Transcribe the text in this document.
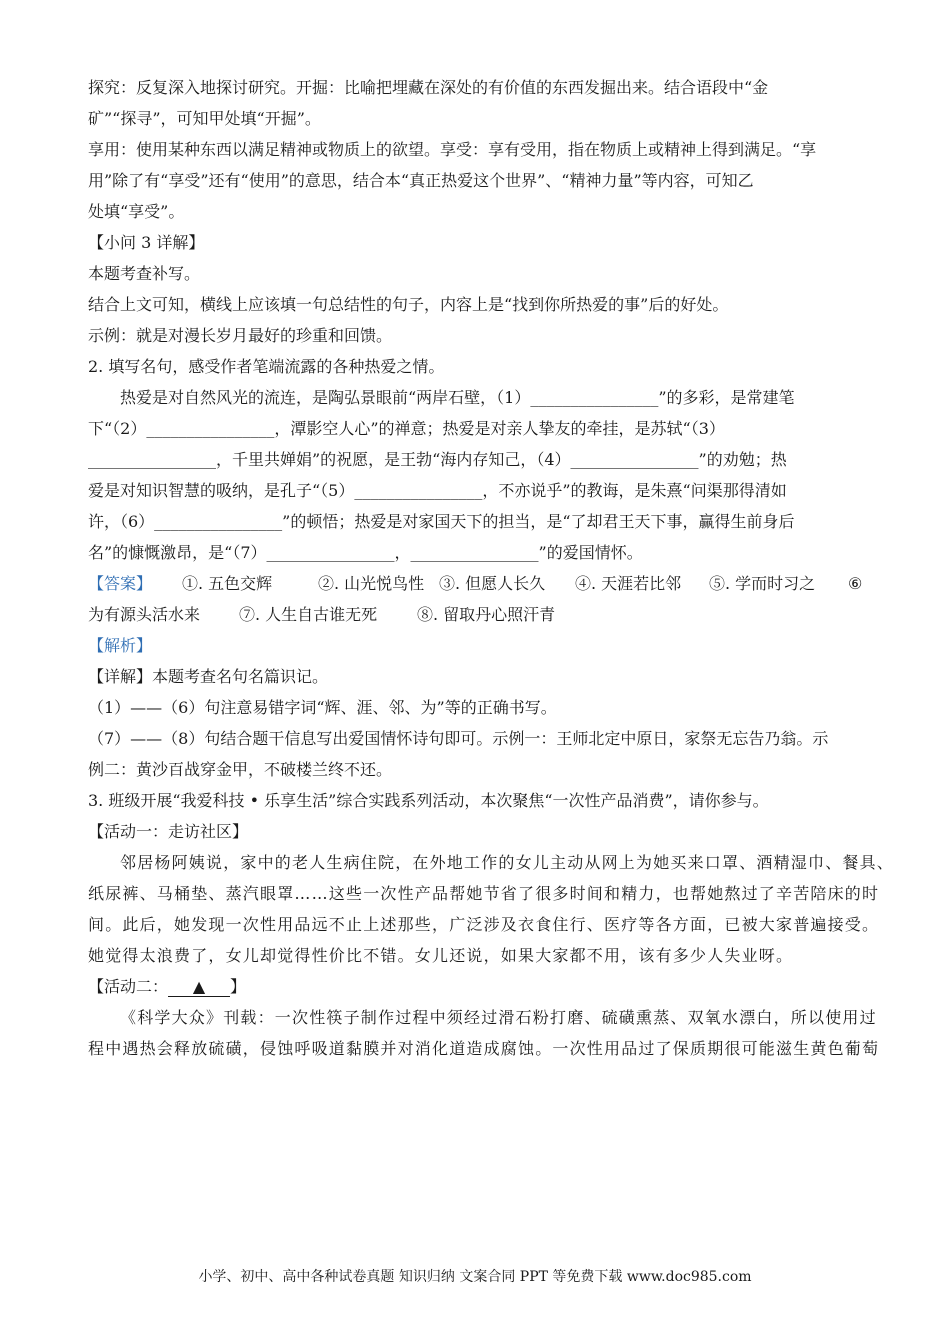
探究：反复深入地探讨研究。开掘：比喻把埋藏在深处的有价值的东西发掘出来。结合语段中“金
矿”“探寻”，可知甲处填“开掘”。
享用：使用某种东西以满足精神或物质上的欲望。享受：享有受用，指在物质上或精神上得到满足。“享
用”除了有“享受”还有“使用”的意思，结合本“真正热爱这个世界”、“精神力量”等内容，可知乙
处填“享受”。
【小问 3 详解】
本题考查补写。
结合上文可知，横线上应该填一句总结性的句子，内容上是“找到你所热爱的事”后的好处。
示例：就是对漫长岁月最好的珍重和回馈。
2. 填写名句，感受作者笔端流露的各种热爱之情。
热爱是对自然风光的流连，是陶弘景眼前“两岸石壁，（1）________________”的多彩，是常建笔
下“（2）________________，潭影空人心”的禅意；热爱是对亲人挚友的牵挂，是苏轼“（3）
________________，千里共婵娟”的祝愿，是王勃“海内存知己，（4）________________”的劝勉；热
爱是对知识智慧的吸纳，是孔子“（5）________________，不亦说乎”的教诲，是朱熹“问渠那得清如
许，（6）________________”的顿悟；热爱是对家国天下的担当，是“了却君王天下事，赢得生前身后
名”的慷慨激昂，是“（7）________________，________________”的爱国情怀。
【答案】 ①. 五色交辉	②. 山光悦鸟性 ③. 但愿人长久 ④. 天涯若比邻 ⑤. 学而时习之 ⑥
为有源头活水来 ⑦. 人生自古谁无死 ⑧. 留取丹心照汗青
【解析】
【详解】本题考查名句名篇识记。
（1）——（6）句注意易错字词“辉、涯、邻、为”等的正确书写。
（7）——（8）句结合题干信息写出爱国情怀诗句即可。示例一：王师北定中原日，家祭无忘告乃翁。示
例二：黄沙百战穿金甲，不破楼兰终不还。
3. 班级开展“我爱科技 • 乐享生活”综合实践系列活动，本次聚焦“一次性产品消费”，请你参与。
【活动一：走访社区】
邻居杨阿姨说，家中的老人生病住院，在外地工作的女儿主动从网上为她买来口罩、酒精湿巾、餐具、
纸尿裤、马桶垫、蒸汽眼罩……这些一次性产品帮她节省了很多时间和精力，也帮她熬过了辛苦陪床的时
间。此后，她发现一次性用品远不止上述那些，广泛涉及衣食住行、医疗等各方面，已被大家普遍接受。
她觉得太浪费了，女儿却觉得性价比不错。女儿还说，如果大家都不用，该有多少人失业呀。
【活动二： ▲ 】
《科学大众》刊载：一次性筷子制作过程中须经过滑石粉打磨、硫磺熏蒸、双氧水漂白，所以使用过
程中遇热会释放硫磺，侵蚀呼吸道黏膜并对消化道造成腐蚀。一次性用品过了保质期很可能滋生黄色葡萄
小学、初中、高中各种试卷真题 知识归纳 文案合同 PPT 等免费下载 www.doc985.com
